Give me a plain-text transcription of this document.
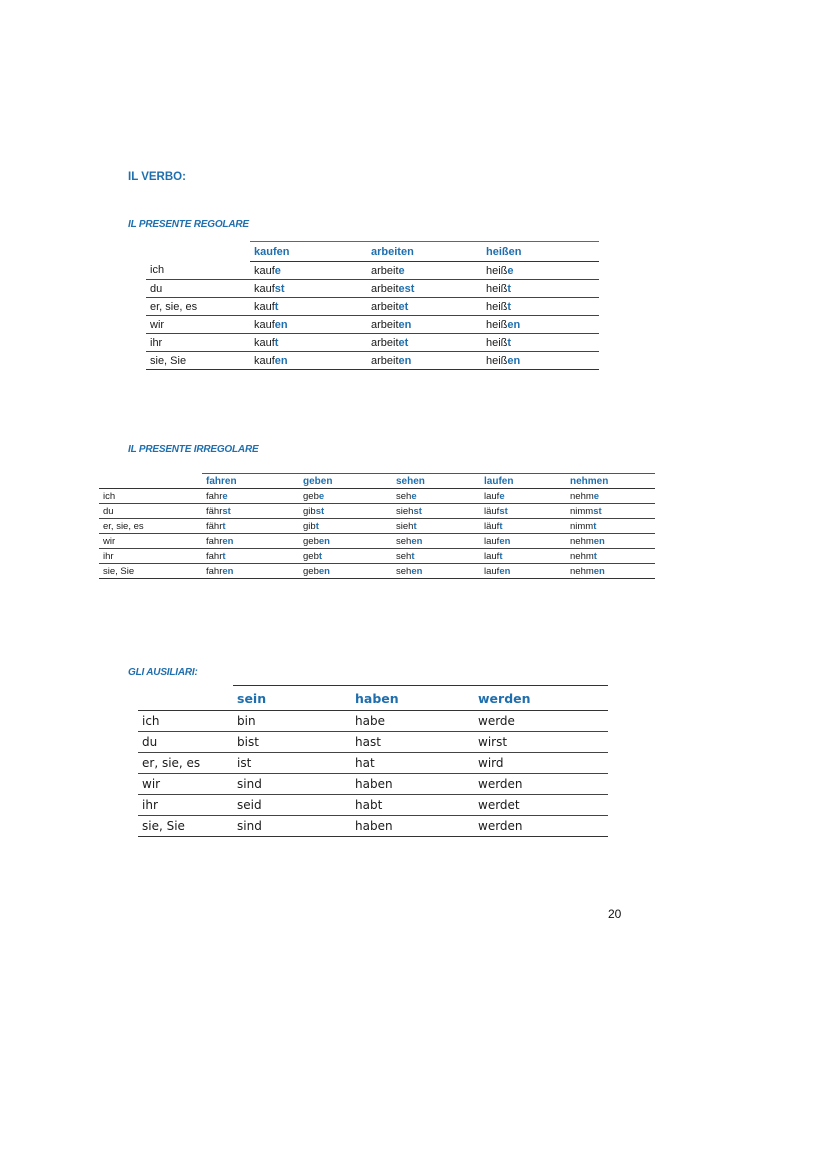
IL VERBO:
IL PRESENTE REGOLARE
	kaufen	arbeiten	heißen
ich	kaufe	arbeite	heiße
du	kaufst	arbeitest	heißt
er, sie, es	kauft	arbeitet	heißt
wir	kaufen	arbeiten	heißen
ihr	kauft	arbeitet	heißt
sie, Sie	kaufen	arbeiten	heißen
IL PRESENTE IRREGOLARE
	fahren	geben	sehen	laufen	nehmen
ich	fahre	gebe	sehe	laufe	nehme
du	fährst	gibst	siehst	läufst	nimmst
er, sie, es	fährt	gibt	sieht	läuft	nimmt
wir	fahren	geben	sehen	laufen	nehmen
ihr	fahrt	gebt	seht	lauft	nehmt
sie, Sie	fahren	geben	sehen	laufen	nehmen
GLI AUSILIARI:
	sein	haben	werden
ich	bin	habe	werde
du	bist	hast	wirst
er, sie, es	ist	hat	wird
wir	sind	haben	werden
ihr	seid	habt	werdet
sie, Sie	sind	haben	werden
20
